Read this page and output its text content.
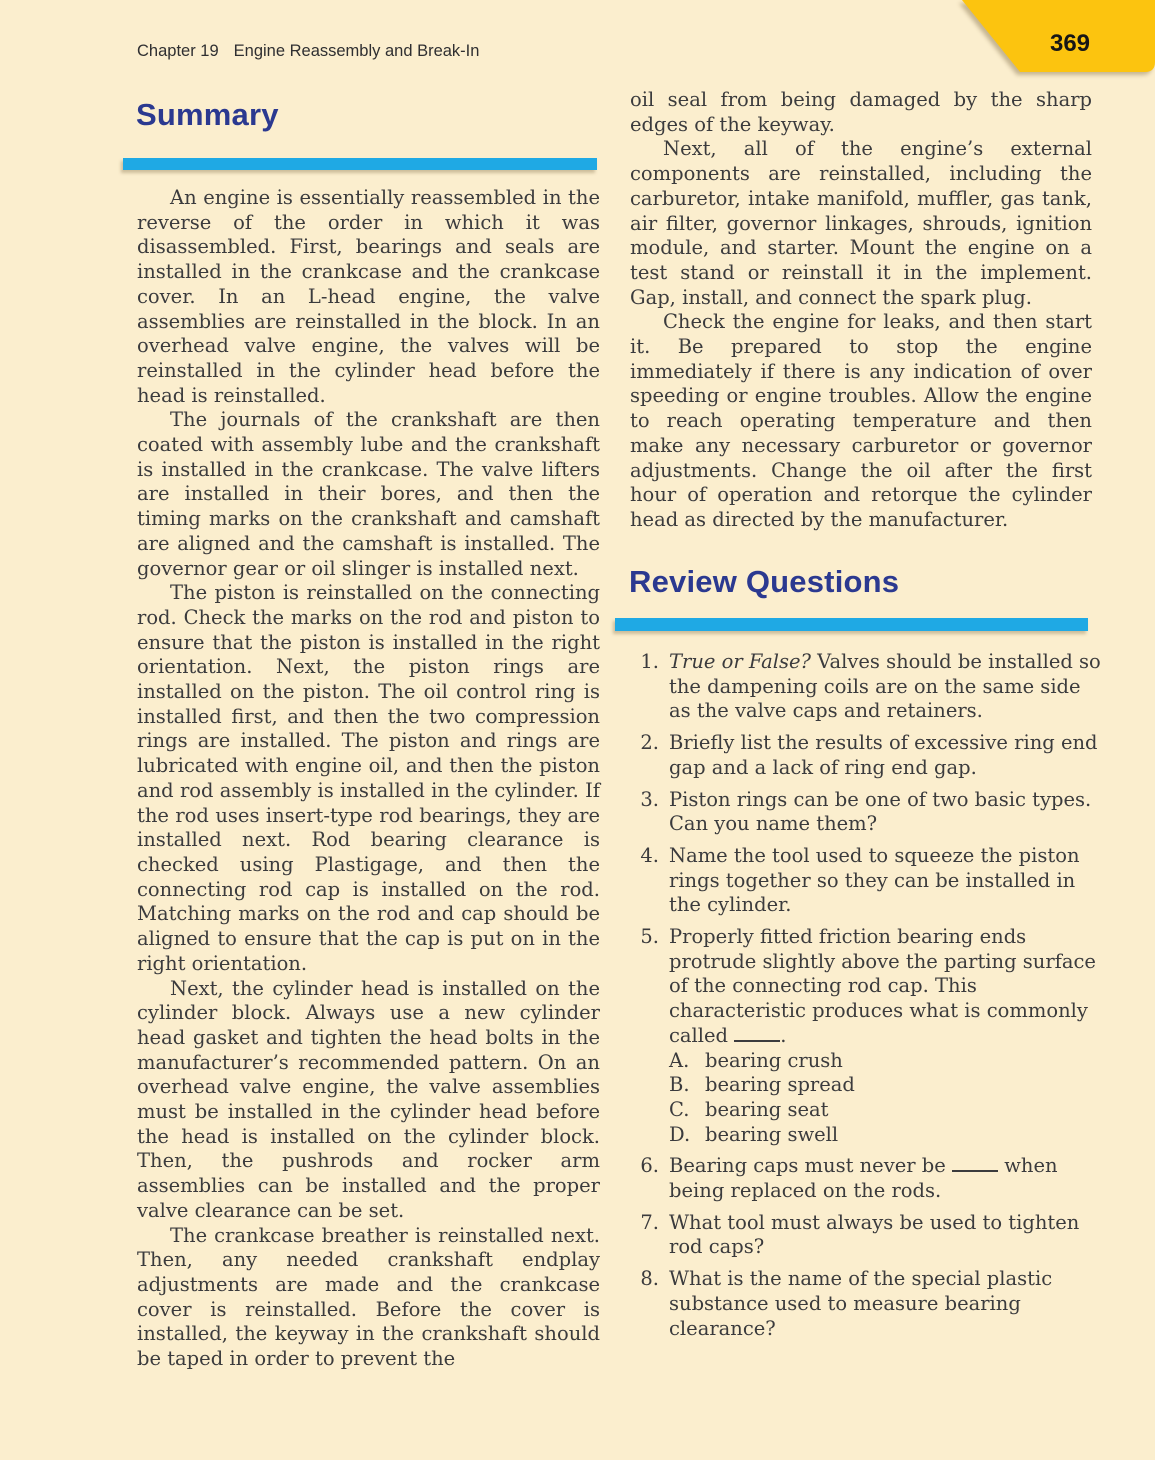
Chapter 19 Engine Reassembly and Break-In	369
Summary

An engine is essentially reassembled in the reverse of the order in which it was disassembled. First, bearings and seals are installed in the crankcase and the crankcase cover. In an L-head engine, the valve assemblies are reinstalled in the block. In an overhead valve engine, the valves will be reinstalled in the cylinder head before the head is reinstalled.

The journals of the crankshaft are then coated with assembly lube and the crankshaft is installed in the crankcase. The valve lifters are installed in their bores, and then the timing marks on the crankshaft and camshaft are aligned and the camshaft is installed. The governor gear or oil slinger is installed next.

The piston is reinstalled on the connecting rod. Check the marks on the rod and piston to ensure that the piston is installed in the right orientation. Next, the piston rings are installed on the piston. The oil control ring is installed first, and then the two compression rings are installed. The piston and rings are lubricated with engine oil, and then the piston and rod assembly is installed in the cylinder. If the rod uses insert-type rod bearings, they are installed next. Rod bearing clearance is checked using Plastigage, and then the connecting rod cap is installed on the rod. Matching marks on the rod and cap should be aligned to ensure that the cap is put on in the right orientation.

Next, the cylinder head is installed on the cylinder block. Always use a new cylinder head gasket and tighten the head bolts in the manufacturer’s recommended pattern. On an overhead valve engine, the valve assemblies must be installed in the cylinder head before the head is installed on the cylinder block. Then, the pushrods and rocker arm assemblies can be installed and the proper valve clearance can be set.

The crankcase breather is reinstalled next. Then, any needed crankshaft endplay adjustments are made and the crankcase cover is reinstalled. Before the cover is installed, the keyway in the crankshaft should be taped in order to prevent the

oil seal from being damaged by the sharp edges of the keyway.

Next, all of the engine’s external components are reinstalled, including the carburetor, intake manifold, muffler, gas tank, air filter, governor linkages, shrouds, ignition module, and starter. Mount the engine on a test stand or reinstall it in the implement. Gap, install, and connect the spark plug.

Check the engine for leaks, and then start it. Be prepared to stop the engine immediately if there is any indication of over speeding or engine troubles. Allow the engine to reach operating temperature and then make any necessary carburetor or governor adjustments. Change the oil after the first hour of operation and retorque the cylinder head as directed by the manufacturer.

Review Questions
1. True or False? Valves should be installed so the dampening coils are on the same side as the valve caps and retainers.
2. Briefly list the results of excessive ring end gap and a lack of ring end gap.
3. Piston rings can be one of two basic types. Can you name them?
4. Name the tool used to squeeze the piston rings together so they can be installed in the cylinder.
5. Properly fitted friction bearing ends protrude slightly above the parting surface of the connecting rod cap. This characteristic produces what is commonly called .
A. bearing crush
B. bearing spread
C. bearing seat
D. bearing swell
6. Bearing caps must never be  when being replaced on the rods.
7. What tool must always be used to tighten rod caps?
8. What is the name of the special plastic substance used to measure bearing clearance?
